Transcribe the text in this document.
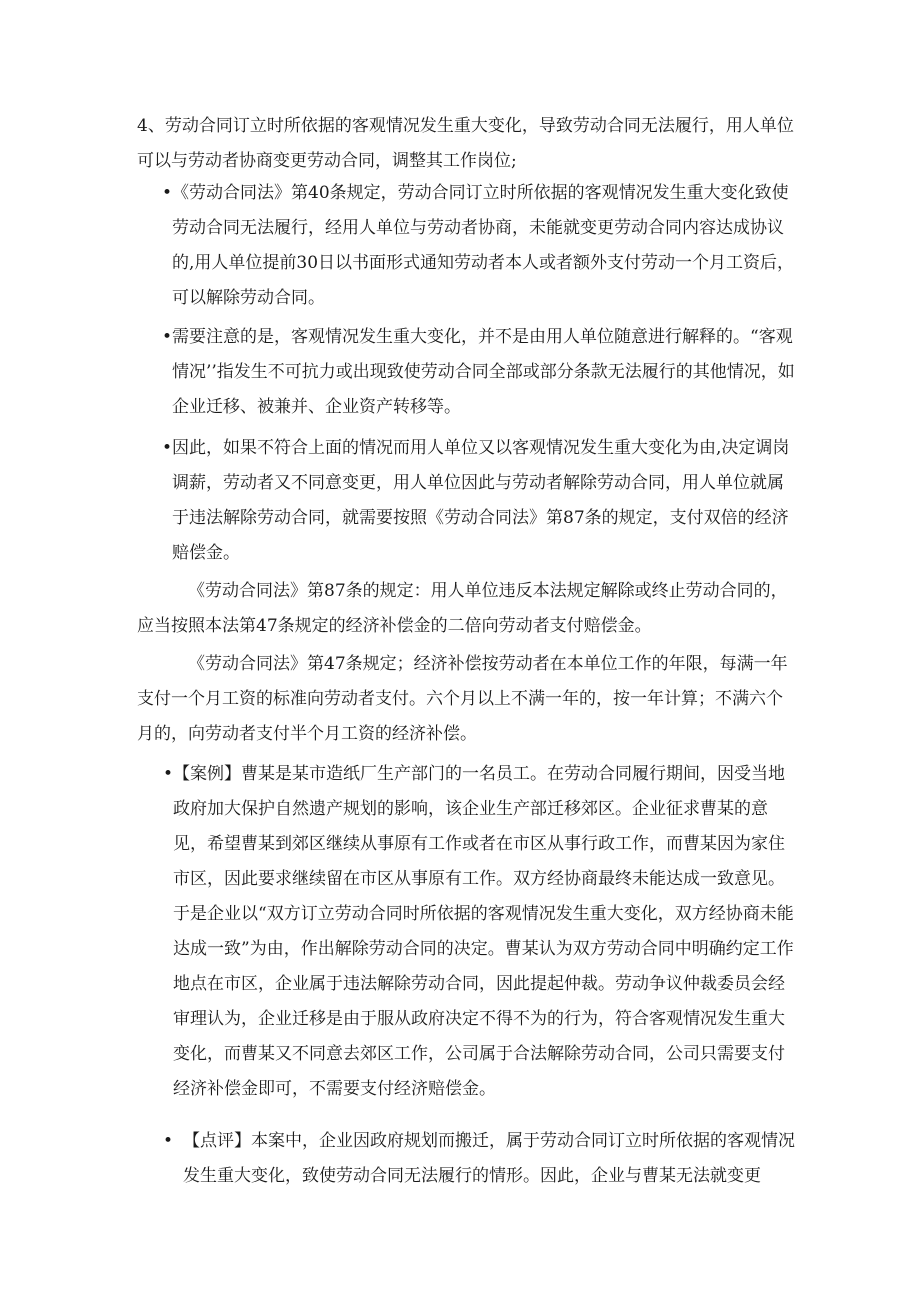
4、劳动合同订立时所依据的客观情况发生重大变化，导致劳动合同无法履行，用人单位可以与劳动者协商变更劳动合同，调整其工作岗位;

• 《劳动合同法》第40条规定，劳动合同订立时所依据的客观情况发生重大变化致使劳动合同无法履行，经用人单位与劳动者协商，未能就变更劳动合同内容达成协议的,用人单位提前30日以书面形式通知劳动者本人或者额外支付劳动一个月工资后，可以解除劳动合同。

• 需要注意的是，客观情况发生重大变化，并不是由用人单位随意进行解释的。“客观情况’’指发生不可抗力或出现致使劳动合同全部或部分条款无法履行的其他情况，如企业迁移、被兼并、企业资产转移等。

• 因此，如果不符合上面的情况而用人单位又以客观情况发生重大变化为由,决定调岗调薪，劳动者又不同意变更，用人单位因此与劳动者解除劳动合同，用人单位就属于违法解除劳动合同，就需要按照《劳动合同法》第87条的规定，支付双倍的经济赔偿金。

《劳动合同法》第87条的规定：用人单位违反本法规定解除或终止劳动合同的，应当按照本法第47条规定的经济补偿金的二倍向劳动者支付赔偿金。

《劳动合同法》第47条规定；经济补偿按劳动者在本单位工作的年限，每满一年支付一个月工资的标准向劳动者支付。六个月以上不满一年的，按一年计算；不满六个月的，向劳动者支付半个月工资的经济补偿。

• 【案例】曹某是某市造纸厂生产部门的一名员工。在劳动合同履行期间，因受当地政府加大保护自然遗产规划的影响，该企业生产部迁移郊区。企业征求曹某的意见，希望曹某到郊区继续从事原有工作或者在市区从事行政工作，而曹某因为家住市区，因此要求继续留在市区从事原有工作。双方经协商最终未能达成一致意见。于是企业以“双方订立劳动合同时所依据的客观情况发生重大变化，双方经协商未能达成一致”为由，作出解除劳动合同的决定。曹某认为双方劳动合同中明确约定工作地点在市区，企业属于违法解除劳动合同，因此提起仲裁。劳动争议仲裁委员会经审理认为，企业迁移是由于服从政府决定不得不为的行为，符合客观情况发生重大变化，而曹某又不同意去郊区工作，公司属于合法解除劳动合同，公司只需要支付经济补偿金即可，不需要支付经济赔偿金。

• 【点评】本案中，企业因政府规划而搬迁，属于劳动合同订立时所依据的客观情况发生重大变化，致使劳动合同无法履行的情形。因此，企业与曹某无法就变更
